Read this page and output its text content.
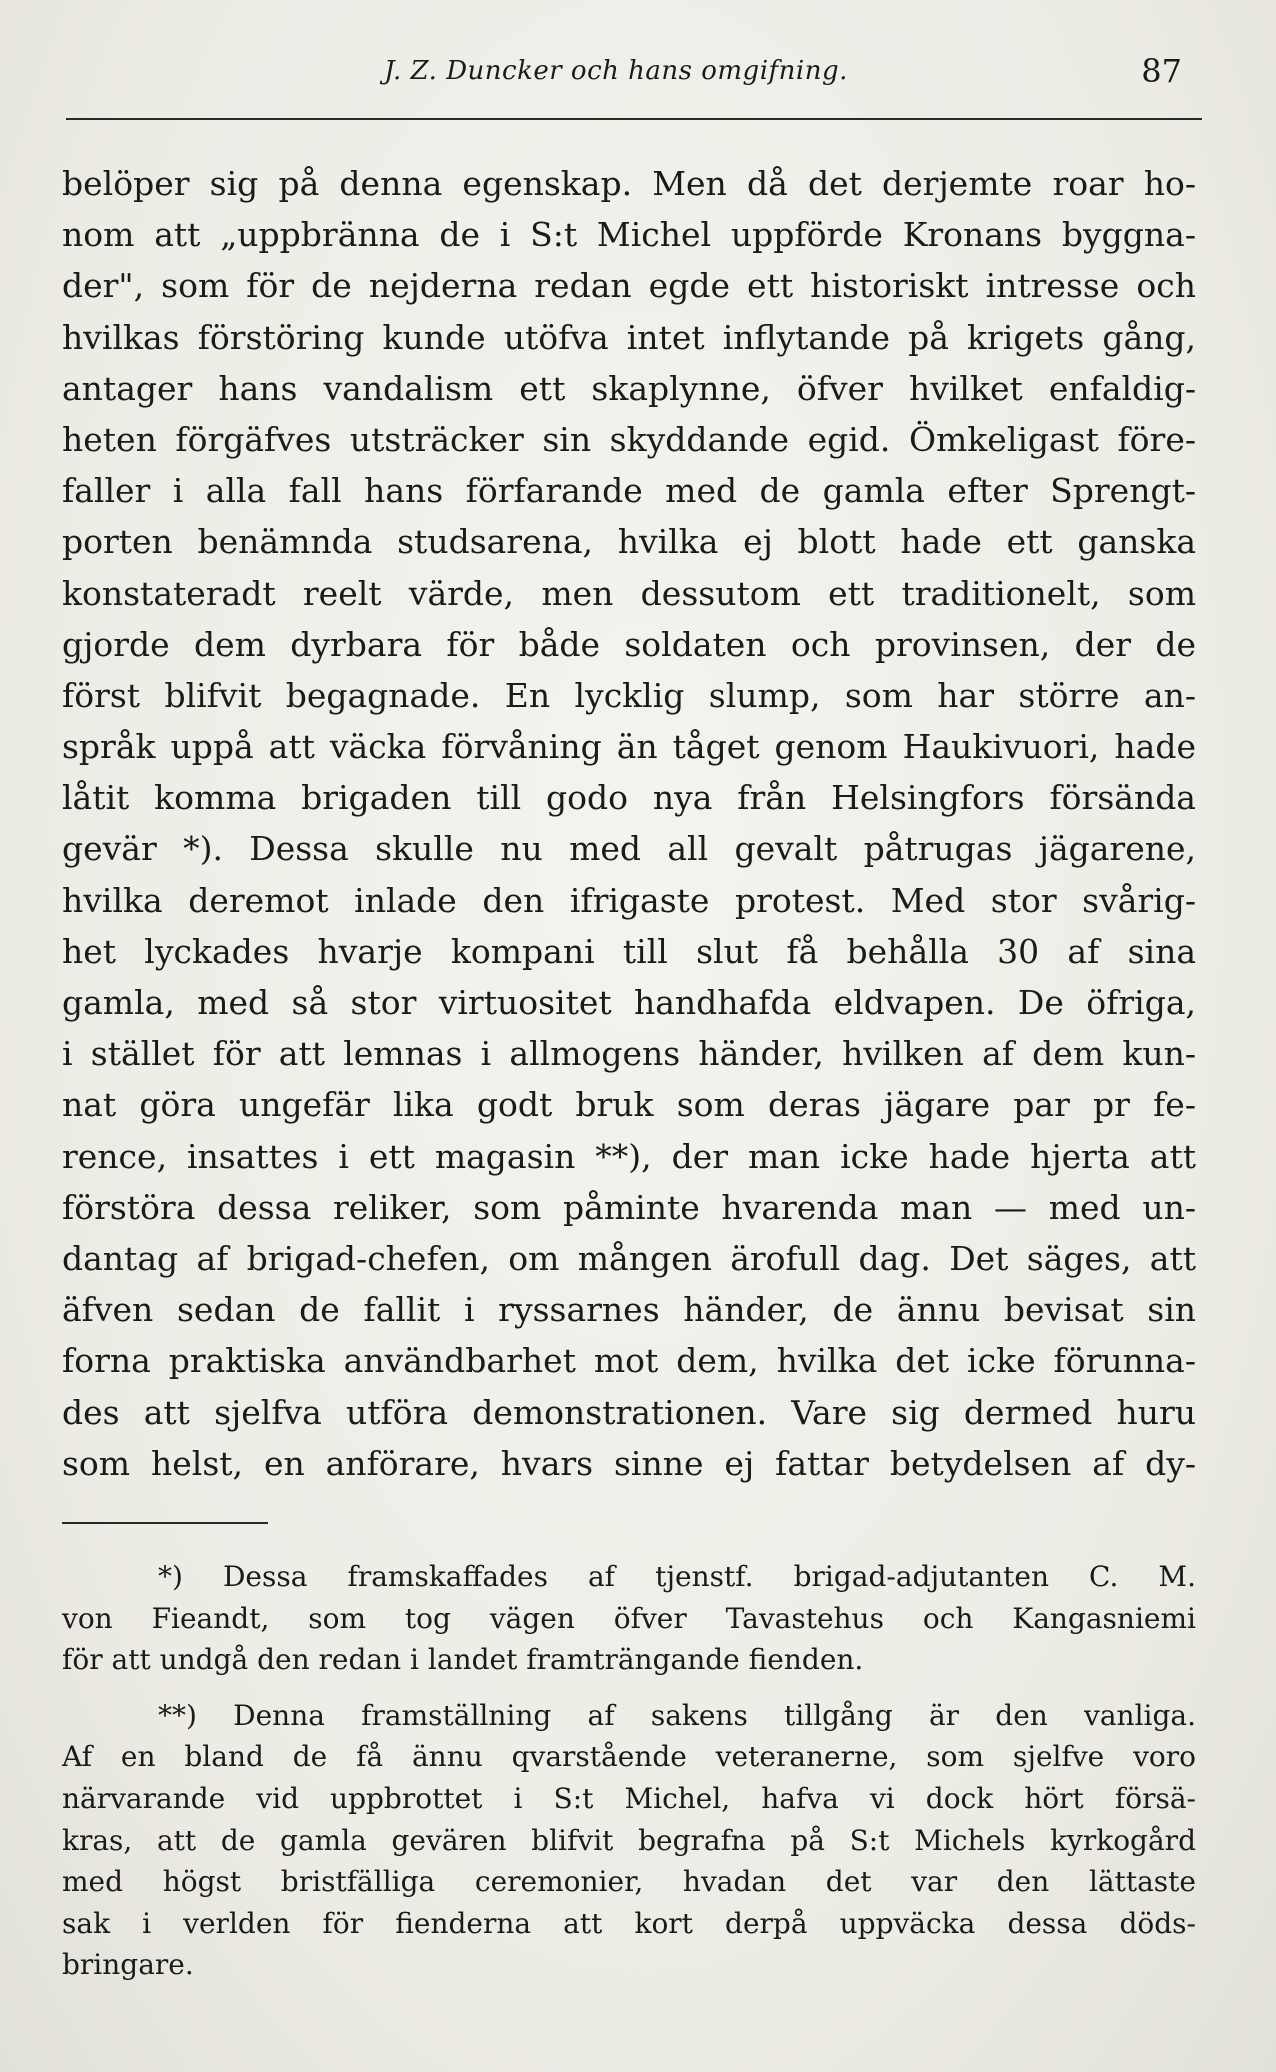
J. Z. Duncker och hans omgifning.	87
belöper sig på denna egenskap. Men då det derjemte roar ho-
nom att „uppbränna de i S:t Michel uppförde Kronans byggna-
der", som för de nejderna redan egde ett historiskt intresse och
hvilkas förstöring kunde utöfva intet inflytande på krigets gång,
antager hans vandalism ett skaplynne, öfver hvilket enfaldig-
heten förgäfves utsträcker sin skyddande egid. Ömkeligast före-
faller i alla fall hans förfarande med de gamla efter Sprengt-
porten benämnda studsarena, hvilka ej blott hade ett ganska
konstateradt reelt värde, men dessutom ett traditionelt, som
gjorde dem dyrbara för både soldaten och provinsen, der de
först blifvit begagnade. En lycklig slump, som har större an-
språk uppå att väcka förvåning än tåget genom Haukivuori, hade
låtit komma brigaden till godo nya från Helsingfors försända
gevär *). Dessa skulle nu med all gevalt påtrugas jägarene,
hvilka deremot inlade den ifrigaste protest. Med stor svårig-
het lyckades hvarje kompani till slut få behålla 30 af sina
gamla, med så stor virtuositet handhafda eldvapen. De öfriga,
i stället för att lemnas i allmogens händer, hvilken af dem kun-
nat göra ungefär lika godt bruk som deras jägare par pr fe-
rence, insattes i ett magasin **), der man icke hade hjerta att
förstöra dessa reliker, som påminte hvarenda man — med un-
dantag af brigad-chefen, om mången ärofull dag. Det säges, att
äfven sedan de fallit i ryssarnes händer, de ännu bevisat sin
forna praktiska användbarhet mot dem, hvilka det icke förunna-
des att sjelfva utföra demonstrationen. Vare sig dermed huru
som helst, en anförare, hvars sinne ej fattar betydelsen af dy-
*) Dessa framskaffades af tjenstf. brigad-adjutanten C. M.
von Fieandt, som tog vägen öfver Tavastehus och Kangasniemi
för att undgå den redan i landet framträngande fienden.
**) Denna framställning af sakens tillgång är den vanliga.
Af en bland de få ännu qvarstående veteranerne, som sjelfve voro
närvarande vid uppbrottet i S:t Michel, hafva vi dock hört försä-
kras, att de gamla gevären blifvit begrafna på S:t Michels kyrkogård
med högst bristfälliga ceremonier, hvadan det var den lättaste
sak i verlden för fienderna att kort derpå uppväcka dessa döds-
bringare.
